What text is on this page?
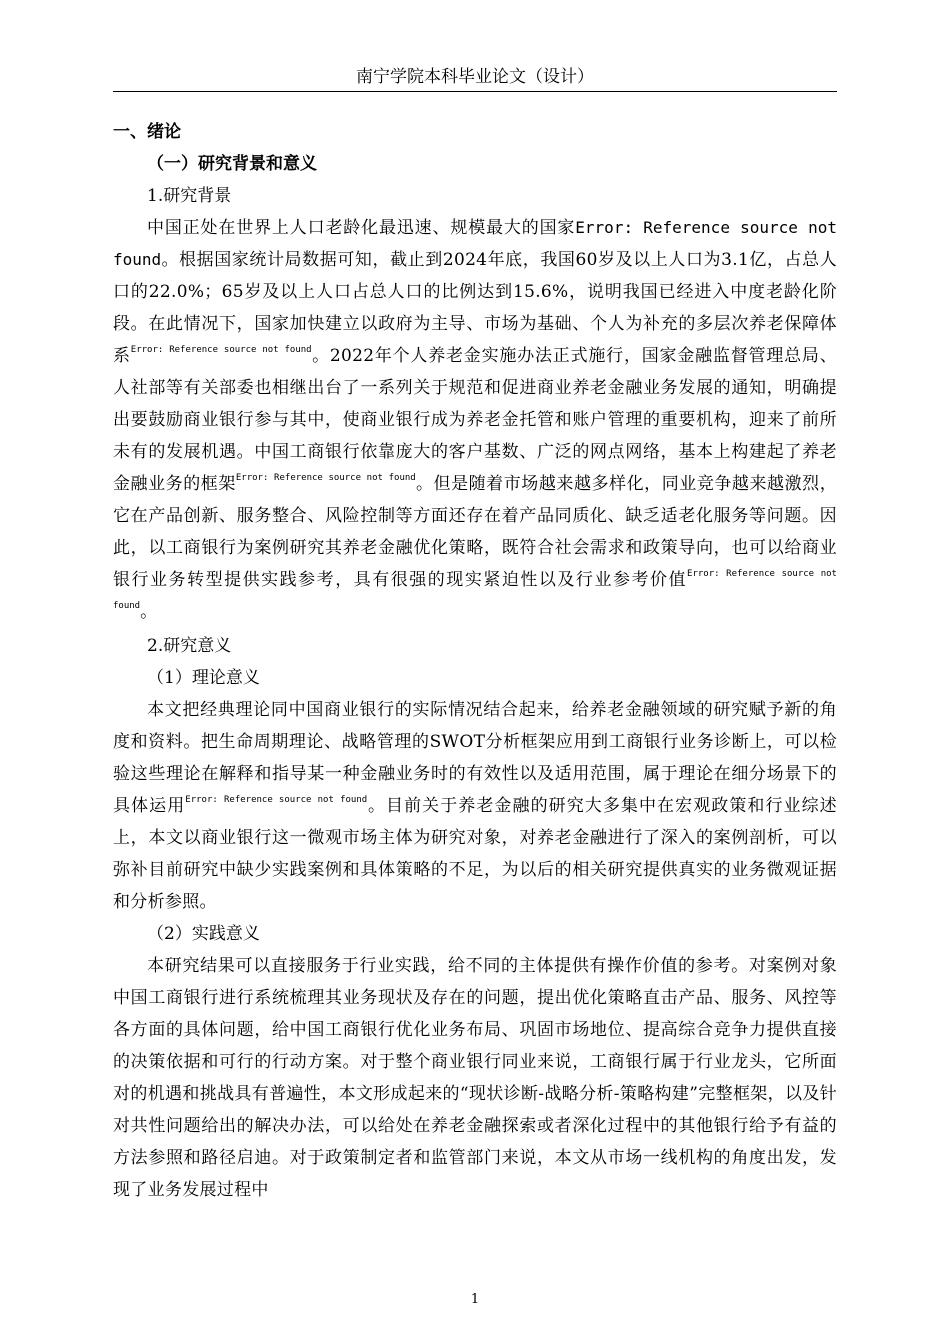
南宁学院本科毕业论文（设计）
一、绪论
（一）研究背景和意义
1.研究背景

中国正处在世界上人口老龄化最迅速、规模最大的国家Error: Reference source not found。根据国家统计局数据可知，截止到2024年底，我国60岁及以上人口为3.1亿，占总人口的22.0%；65岁及以上人口占总人口的比例达到15.6%，说明我国已经进入中度老龄化阶段。在此情况下，国家加快建立以政府为主导、市场为基础、个人为补充的多层次养老保障体系$^{Error: Reference source not found}$。2022年个人养老金实施办法正式施行，国家金融监督管理总局、人社部等有关部委也相继出台了一系列关于规范和促进商业养老金融业务发展的通知，明确提出要鼓励商业银行参与其中，使商业银行成为养老金托管和账户管理的重要机构，迎来了前所未有的发展机遇。中国工商银行依靠庞大的客户基数、广泛的网点网络，基本上构建起了养老金融业务的框架$^{Error: Reference source not found}$。但是随着市场越来越多样化，同业竞争越来越激烈，它在产品创新、服务整合、风险控制等方面还存在着产品同质化、缺乏适老化服务等问题。因此，以工商银行为案例研究其养老金融优化策略，既符合社会需求和政策导向，也可以给商业银行业务转型提供实践参考，具有很强的现实紧迫性以及行业参考价值$^{Error: Reference source not found}$。

2.研究意义
（1）理论意义

本文把经典理论同中国商业银行的实际情况结合起来，给养老金融领域的研究赋予新的角度和资料。把生命周期理论、战略管理的SWOT分析框架应用到工商银行业务诊断上，可以检验这些理论在解释和指导某一种金融业务时的有效性以及适用范围，属于理论在细分场景下的具体运用$^{Error: Reference source not found}$。目前关于养老金融的研究大多集中在宏观政策和行业综述上，本文以商业银行这一微观市场主体为研究对象，对养老金融进行了深入的案例剖析，可以弥补目前研究中缺少实践案例和具体策略的不足，为以后的相关研究提供真实的业务微观证据和分析参照。

（2）实践意义

本研究结果可以直接服务于行业实践，给不同的主体提供有操作价值的参考。对案例对象中国工商银行进行系统梳理其业务现状及存在的问题，提出优化策略直击产品、服务、风控等各方面的具体问题，给中国工商银行优化业务布局、巩固市场地位、提高综合竞争力提供直接的决策依据和可行的行动方案。对于整个商业银行同业来说，工商银行属于行业龙头，它所面对的机遇和挑战具有普遍性，本文形成起来的“现状诊断-战略分析-策略构建”完整框架，以及针对共性问题给出的解决办法，可以给处在养老金融探索或者深化过程中的其他银行给予有益的方法参照和路径启迪。对于政策制定者和监管部门来说，本文从市场一线机构的角度出发，发现了业务发展过程中

1
